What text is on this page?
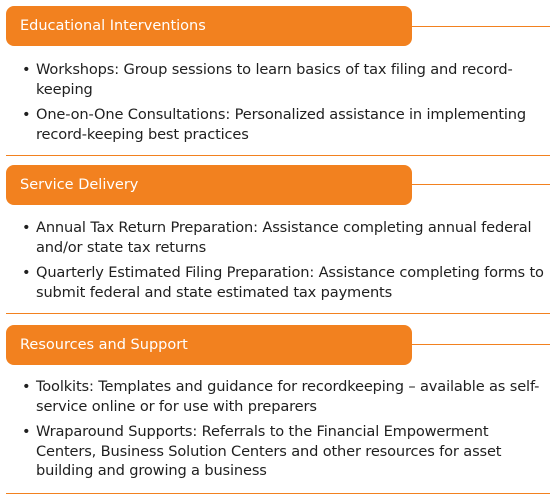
Educational Interventions
• Workshops: Group sessions to learn basics of tax filing and record-keeping
• One-on-One Consultations: Personalized assistance in implementing record-keeping best practices
Service Delivery
• Annual Tax Return Preparation: Assistance completing annual federal and/or state tax returns
• Quarterly Estimated Filing Preparation: Assistance completing forms to submit federal and state estimated tax payments
Resources and Support
• Toolkits: Templates and guidance for recordkeeping – available as self-service online or for use with preparers
• Wraparound Supports: Referrals to the Financial Empowerment Centers, Business Solution Centers and other resources for asset building and growing a business
